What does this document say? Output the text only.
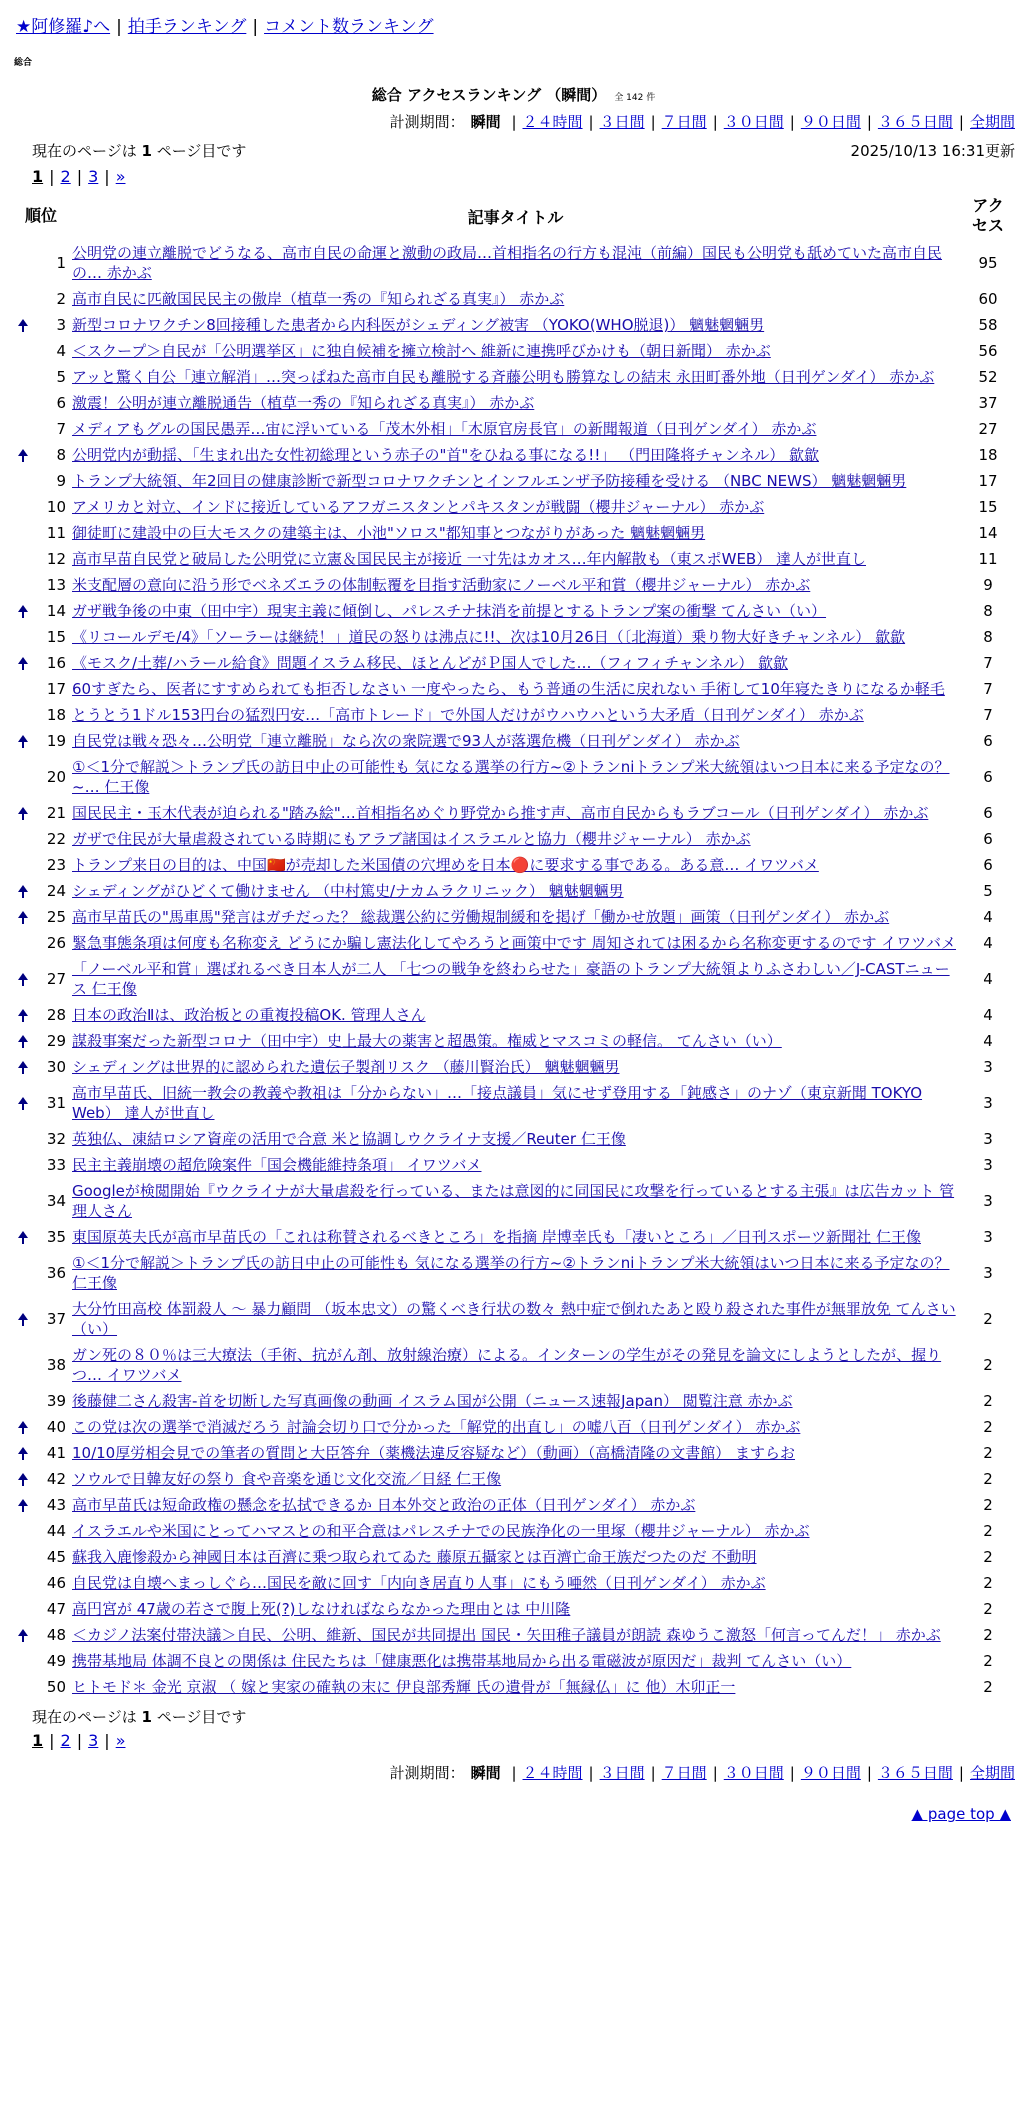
★阿修羅♪へ | 拍手ランキング | コメント数ランキング
総合
総合 アクセスランキング （瞬間） 全 142 件
計測期間： 瞬間 | ２４時間 | ３日間 | ７日間 | ３０日間 | ９０日間 | ３６５日間 | 全期間
現在のページは 1 ページ目です	2025/10/13 16:31更新
1 | 2 | 3 | »
順位		記事タイトル	アクセス
	1	公明党の連立離脱でどうなる、高市自民の命運と激動の政局…首相指名の行方も混沌（前編）国民も公明党も舐めていた高市自民の… 赤かぶ	95
	2	高市自民に匹敵国民民主の傲岸（植草一秀の『知られざる真実』） 赤かぶ	60
	3	新型コロナワクチン8回接種した患者から内科医がシェディング被害 （YOKO(WHO脱退)） 魑魅魍魎男	58
	4	＜スクープ＞自民が「公明選挙区」に独自候補を擁立検討へ 維新に連携呼びかけも（朝日新聞） 赤かぶ	56
	5	アッと驚く自公「連立解消」…突っぱねた高市自民も離脱する斉藤公明も勝算なしの結末 永田町番外地（日刊ゲンダイ） 赤かぶ	52
	6	激震！公明が連立離脱通告（植草一秀の『知られざる真実』） 赤かぶ	37
	7	メディアもグルの国民愚弄…宙に浮いている「茂木外相」「木原官房長官」の新聞報道（日刊ゲンダイ） 赤かぶ	27
	8	公明党内が動揺、「生まれ出た女性初総理という赤子の"首"をひねる事になる!!」 （門田隆将チャンネル） 歙歙	18
	9	トランプ大統領、年2回目の健康診断で新型コロナワクチンとインフルエンザ予防接種を受ける （NBC NEWS） 魑魅魍魎男	17
	10	アメリカと対立、インドに接近しているアフガニスタンとパキスタンが戦闘（櫻井ジャーナル） 赤かぶ	15
	11	御徒町に建設中の巨大モスクの建築主は、小池"ソロス"都知事とつながりがあった 魑魅魍魎男	14
	12	高市早苗自民党と破局した公明党に立憲＆国民民主が接近 一寸先はカオス…年内解散も（東スポWEB） 達人が世直し	11
	13	米支配層の意向に沿う形でベネズエラの体制転覆を目指す活動家にノーベル平和賞（櫻井ジャーナル） 赤かぶ	9
	14	ガザ戦争後の中東（田中宇）現実主義に傾倒し、パレスチナ抹消を前提とするトランプ案の衝撃 てんさい（い）	8
	15	《リコールデモ/4》「ソーラーは継続！」道民の怒りは沸点に!!、次は10月26日（〔北海道）乗り物大好きチャンネル） 歙歙	8
	16	《モスク/土葬/ハラール給食》問題イスラム移民、ほとんどがＰ国人でした…（フィフィチャンネル） 歙歙	7
	17	60すぎたら、医者にすすめられても拒否しなさい 一度やったら、もう普通の生活に戻れない 手術して10年寝たきりになるか軽毛	7
	18	とうとう1ドル153円台の猛烈円安…「高市トレード」で外国人だけがウハウハという大矛盾（日刊ゲンダイ） 赤かぶ	7
	19	自民党は戦々恐々…公明党「連立離脱」なら次の衆院選で93人が落選危機（日刊ゲンダイ） 赤かぶ	6
	20	①＜1分で解説＞トランプ氏の訪日中止の可能性も 気になる選挙の行方~②トランniトランプ米大統領はいつ日本に来る予定なの？~… 仁王像	6
	21	国民民主・玉木代表が迫られる"踏み絵"…首相指名めぐり野党から推す声、高市自民からもラブコール（日刊ゲンダイ） 赤かぶ	6
	22	ガザで住民が大量虐殺されている時期にもアラブ諸国はイスラエルと協力（櫻井ジャーナル） 赤かぶ	6
	23	トランプ来日の目的は、中国🇨🇳が売却した米国債の穴埋めを日本🔴に要求する事である。ある意… イワツバメ	6
	24	シェディングがひどくて働けません （中村篤史/ナカムラクリニック） 魑魅魍魎男	5
	25	高市早苗氏の"馬車馬"発言はガチだった？ 総裁選公約に労働規制緩和を掲げ「働かせ放題」画策（日刊ゲンダイ） 赤かぶ	4
	26	緊急事態条項は何度も名称変え どうにか騙し憲法化してやろうと画策中です 周知されては困るから名称変更するのです イワツバメ	4
	27	「ノーベル平和賞」選ばれるべき日本人が二人 「七つの戦争を終わらせた」豪語のトランプ大統領よりふさわしい／J-CASTニュース 仁王像	4
	28	日本の政治Ⅱは、政治板との重複投稿OK. 管理人さん	4
	29	謀殺事案だった新型コロナ（田中宇）史上最大の薬害と超愚策。権威とマスコミの軽信。 てんさい（い）	4
	30	シェディングは世界的に認められた遺伝子製剤リスク （藤川賢治氏） 魑魅魍魎男	3
	31	高市早苗氏、旧統一教会の教義や教祖は「分からない」…「接点議員」気にせず登用する「鈍感さ」のナゾ（東京新聞 TOKYO Web） 達人が世直し	3
	32	英独仏、凍結ロシア資産の活用で合意 米と協調しウクライナ支援／Reuter 仁王像	3
	33	民主主義崩壊の超危険案件「国会機能維持条項」 イワツバメ	3
	34	Googleが検閲開始『ウクライナが大量虐殺を行っている、または意図的に同国民に攻撃を行っているとする主張』は広告カット 管理人さん	3
	35	東国原英夫氏が高市早苗氏の「これは称賛されるべきところ」を指摘 岸博幸氏も「凄いところ」／日刊スポーツ新聞社 仁王像	3
	36	①＜1分で解説＞トランプ氏の訪日中止の可能性も 気になる選挙の行方~②トランniトランプ米大統領はいつ日本に来る予定なの？ 仁王像	3
	37	大分竹田高校 体罰殺人 ～ 暴力顧問 （坂本忠文）の驚くべき行状の数々 熱中症で倒れたあと殴り殺された事件が無罪放免 てんさい（い）	2
	38	ガン死の８０％は三大療法（手術、抗がん剤、放射線治療）による。インターンの学生がその発見を論文にしようとしたが、握りつ… イワツバメ	2
	39	後藤健二さん殺害-首を切断した写真画像の動画 イスラム国が公開（ニュース速報Japan） 閲覧注意 赤かぶ	2
	40	この党は次の選挙で消滅だろう 討論会切り口で分かった「解党的出直し」の嘘八百（日刊ゲンダイ） 赤かぶ	2
	41	10/10厚労相会見での筆者の質問と大臣答弁（薬機法違反容疑など）（動画）（高橋清隆の文書館） ますらお	2
	42	ソウルで日韓友好の祭り 食や音楽を通じ文化交流／日経 仁王像	2
	43	高市早苗氏は短命政権の懸念を払拭できるか 日本外交と政治の正体（日刊ゲンダイ） 赤かぶ	2
	44	イスラエルや米国にとってハマスとの和平合意はパレスチナでの民族浄化の一里塚（櫻井ジャーナル） 赤かぶ	2
	45	蘇我入鹿惨殺から神國日本は百濟に乗つ取られてゐた 藤原五攝家とは百濟亡命王族だつたのだ 不動明	2
	46	自民党は自壊へまっしぐら…国民を敵に回す「内向き居直り人事」にもう唖然（日刊ゲンダイ） 赤かぶ	2
	47	高円宮が 47歳の若さで腹上死(?)しなければならなかった理由とは 中川隆	2
	48	＜カジノ法案付帯決議＞自民、公明、維新、国民が共同提出 国民・矢田稚子議員が朗読 森ゆうこ激怒「何言ってんだ！」 赤かぶ	2
	49	携帯基地局 体調不良との関係は 住民たちは「健康悪化は携帯基地局から出る電磁波が原因だ」裁判 てんさい（い）	2
	50	ヒトモド＊ 金光 京淑 （ 嫁と実家の確執の末に 伊良部秀輝 氏の遺骨が「無縁仏」に 他）木卯正一	2
現在のページは 1 ページ目です
1 | 2 | 3 | »
計測期間： 瞬間 | ２４時間 | ３日間 | ７日間 | ３０日間 | ９０日間 | ３６５日間 | 全期間
▲ page top ▲
